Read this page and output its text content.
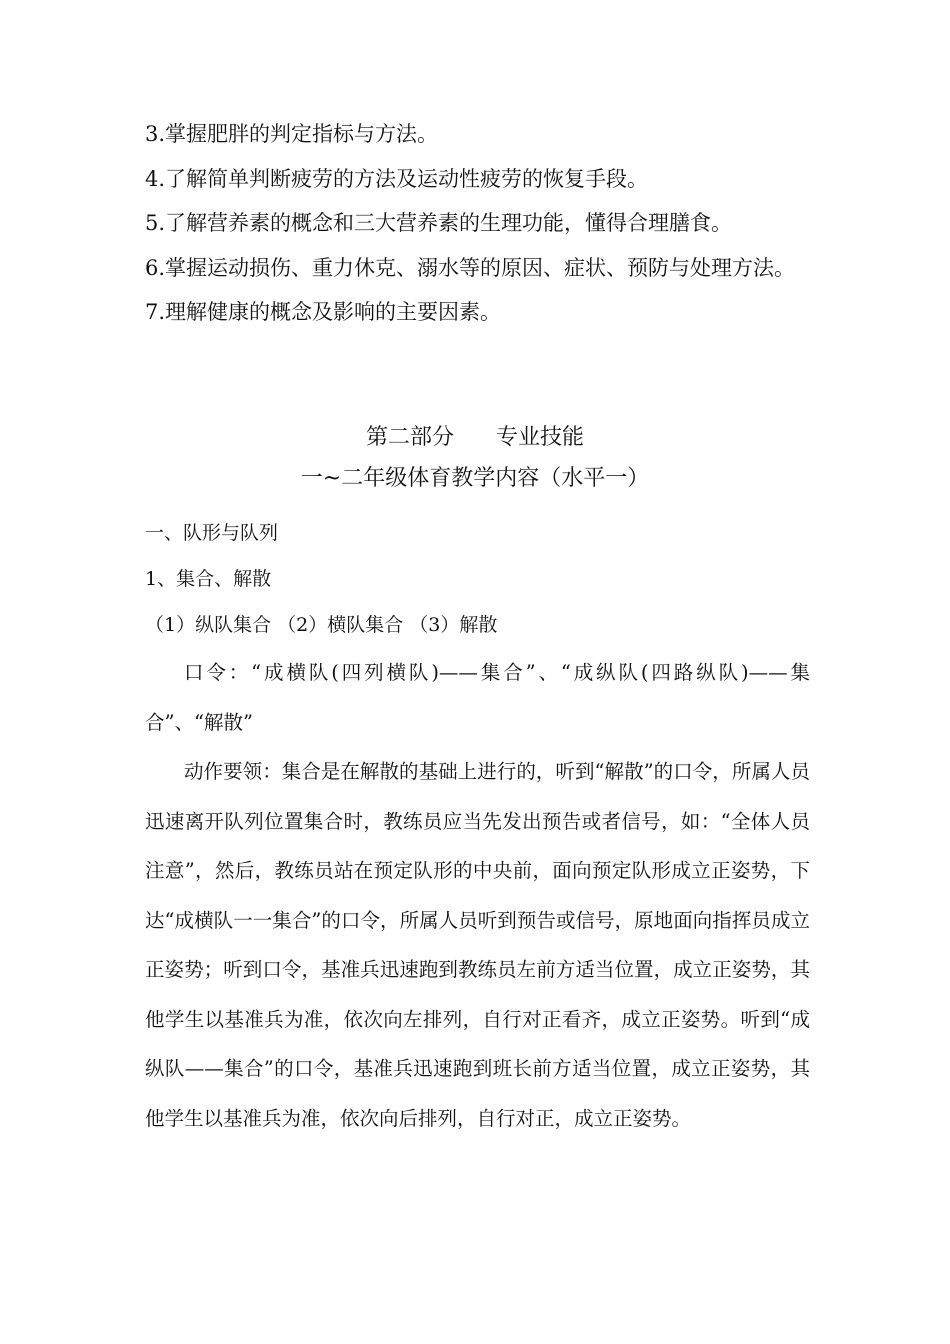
3.掌握肥胖的判定指标与方法。

4.了解简单判断疲劳的方法及运动性疲劳的恢复手段。

5.了解营养素的概念和三大营养素的生理功能，懂得合理膳食。

6.掌握运动损伤、重力休克、溺水等的原因、症状、预防与处理方法。

7.理解健康的概念及影响的主要因素。

第二部分      专业技能
一~二年级体育教学内容（水平一）

一、队形与队列

1、集合、解散

（1）纵队集合 （2）横队集合 （3）解散

口令：“成横队(四列横队)——集合”、“成纵队(四路纵队)——集合”、“解散”

动作要领：集合是在解散的基础上进行的，听到“解散”的口令，所属人员迅速离开队列位置集合时，教练员应当先发出预告或者信号，如：“全体人员注意”，然后，教练员站在预定队形的中央前，面向预定队形成立正姿势，下达“成横队一一集合”的口令，所属人员听到预告或信号，原地面向指挥员成立正姿势；听到口令，基准兵迅速跑到教练员左前方适当位置，成立正姿势，其他学生以基准兵为准，依次向左排列，自行对正看齐，成立正姿势。听到“成纵队——集合”的口令，基准兵迅速跑到班长前方适当位置，成立正姿势，其他学生以基准兵为准，依次向后排列，自行对正，成立正姿势。
